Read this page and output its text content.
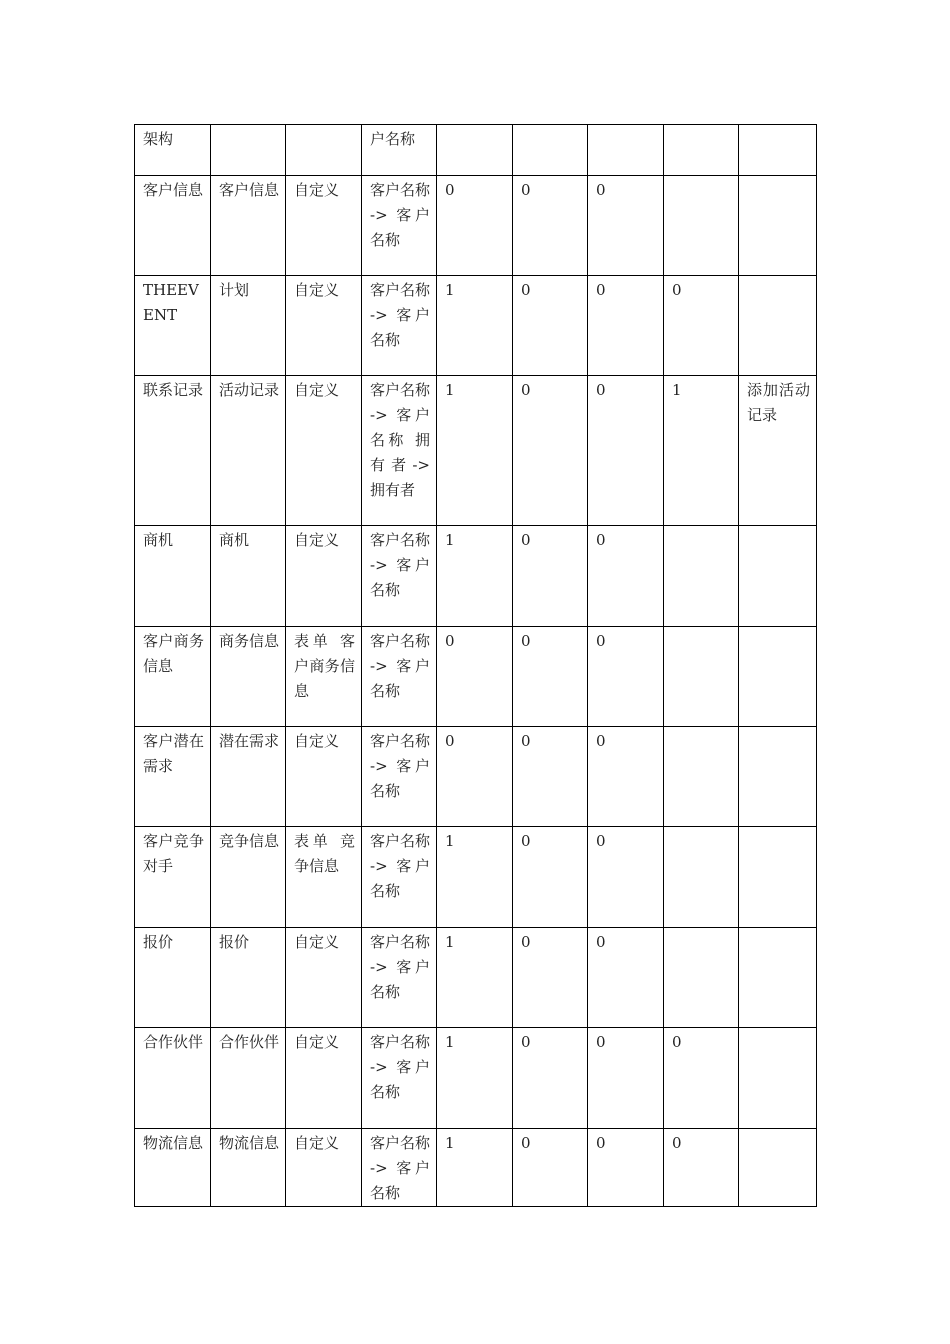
架构			户名称					
客户信息	客户信息	自定义	客户名称 -> 客户名称	0	0	0		
THEEVENT	计划	自定义	客户名称 -> 客户名称	1	0	0	0	
联系记录	活动记录	自定义	客户名称 -> 客户名称 拥有者->拥有者	1	0	0	1	添加活动记录
商机	商机	自定义	客户名称 -> 客户名称	1	0	0		
客户商务信息	商务信息	表单 客户商务信息	客户名称 -> 客户名称	0	0	0		
客户潜在需求	潜在需求	自定义	客户名称 -> 客户名称	0	0	0		
客户竞争对手	竞争信息	表单 竞争信息	客户名称 -> 客户名称	1	0	0		
报价	报价	自定义	客户名称 -> 客户名称	1	0	0		
合作伙伴	合作伙伴	自定义	客户名称 -> 客户名称	1	0	0	0	
物流信息	物流信息	自定义	客户名称 -> 客户名称	1	0	0	0	
